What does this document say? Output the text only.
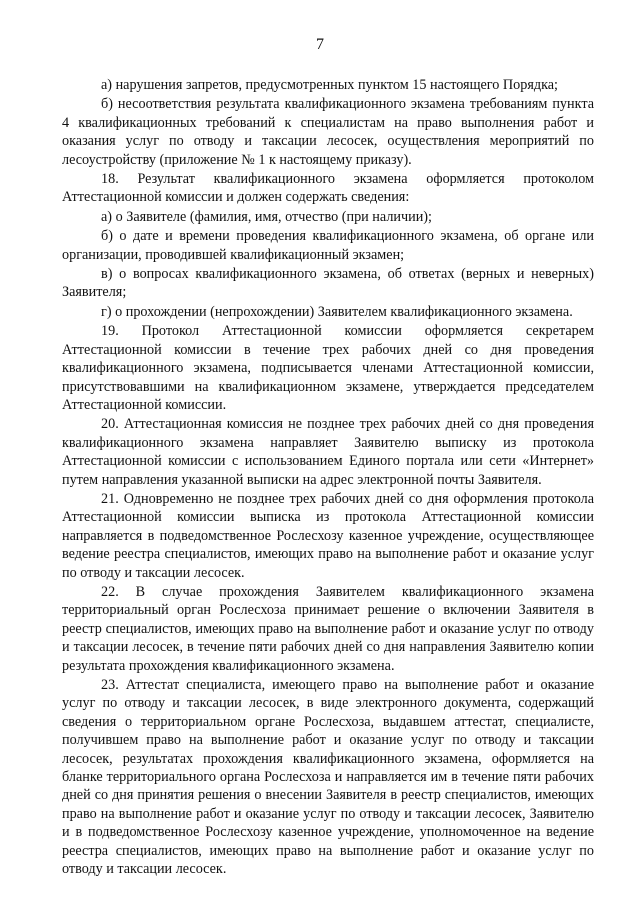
7

а) нарушения запретов, предусмотренных пунктом 15 настоящего Порядка;

б) несоответствия результата квалификационного экзамена требованиям пункта 4 квалификационных требований к специалистам на право выполнения работ и оказания услуг по отводу и таксации лесосек, осуществления мероприятий по лесоустройству (приложение № 1 к настоящему приказу).

18. Результат квалификационного экзамена оформляется протоколом Аттестационной комиссии и должен содержать сведения:

а) о Заявителе (фамилия, имя, отчество (при наличии);

б) о дате и времени проведения квалификационного экзамена, об органе или организации, проводившей квалификационный экзамен;

в) о вопросах квалификационного экзамена, об ответах (верных и неверных) Заявителя;

г) о прохождении (непрохождении) Заявителем квалификационного экзамена.

19. Протокол Аттестационной комиссии оформляется секретарем Аттестационной комиссии в течение трех рабочих дней со дня проведения квалификационного экзамена, подписывается членами Аттестационной комиссии, присутствовавшими на квалификационном экзамене, утверждается председателем Аттестационной комиссии.

20. Аттестационная комиссия не позднее трех рабочих дней со дня проведения квалификационного экзамена направляет Заявителю выписку из протокола Аттестационной комиссии с использованием Единого портала или сети «Интернет» путем направления указанной выписки на адрес электронной почты Заявителя.

21. Одновременно не позднее трех рабочих дней со дня оформления протокола Аттестационной комиссии выписка из протокола Аттестационной комиссии направляется в подведомственное Рослесхозу казенное учреждение, осуществляющее ведение реестра специалистов, имеющих право на выполнение работ и оказание услуг по отводу и таксации лесосек.

22. В случае прохождения Заявителем квалификационного экзамена территориальный орган Рослесхоза принимает решение о включении Заявителя в реестр специалистов, имеющих право на выполнение работ и оказание услуг по отводу и таксации лесосек, в течение пяти рабочих дней со дня направления Заявителю копии результата прохождения квалификационного экзамена.

23. Аттестат специалиста, имеющего право на выполнение работ и оказание услуг по отводу и таксации лесосек, в виде электронного документа, содержащий сведения о территориальном органе Рослесхоза, выдавшем аттестат, специалисте, получившем право на выполнение работ и оказание услуг по отводу и таксации лесосек, результатах прохождения квалификационного экзамена, оформляется на бланке территориального органа Рослесхоза и направляется им в течение пяти рабочих дней со дня принятия решения о внесении Заявителя в реестр специалистов, имеющих право на выполнение работ и оказание услуг по отводу и таксации лесосек, Заявителю и в подведомственное Рослесхозу казенное учреждение, уполномоченное на ведение реестра специалистов, имеющих право на выполнение работ и оказание услуг по отводу и таксации лесосек.
